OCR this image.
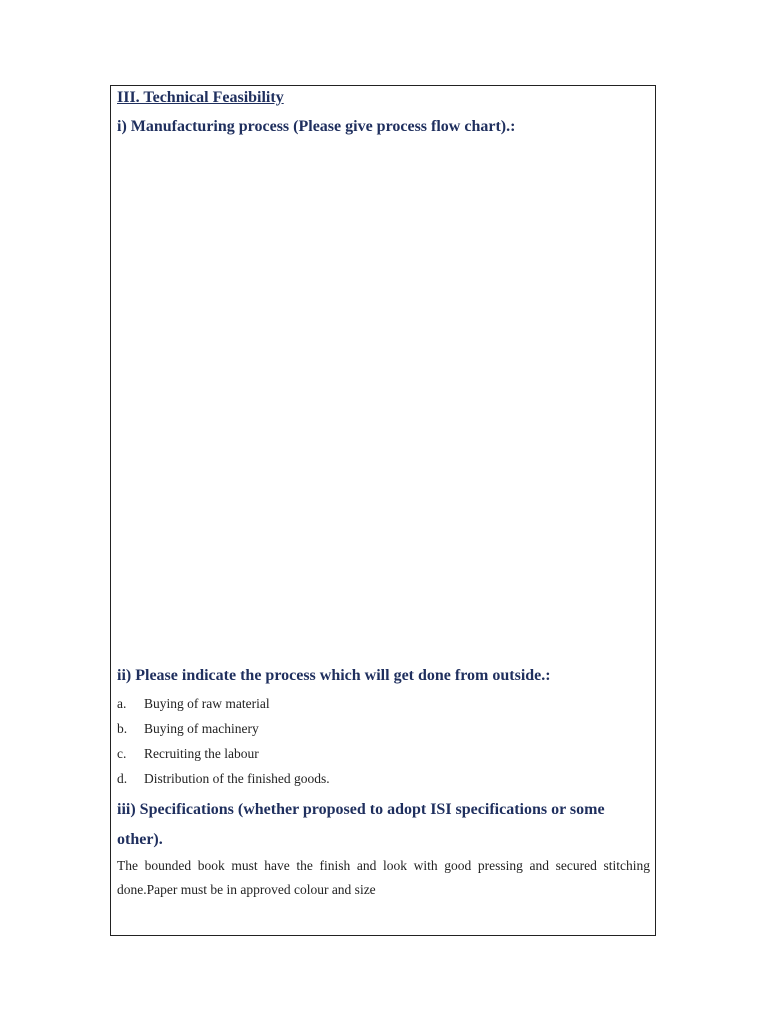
III. Technical Feasibility
i) Manufacturing process (Please give process flow chart).:
ii) Please indicate the process which will get done from outside.:
a. Buying of raw material
b. Buying of machinery
c. Recruiting the labour
d. Distribution of the finished goods.
iii) Specifications (whether proposed to adopt ISI specifications or some other).

The bounded book must have the finish and look with good pressing and secured stitching done.Paper must be in approved colour and size
